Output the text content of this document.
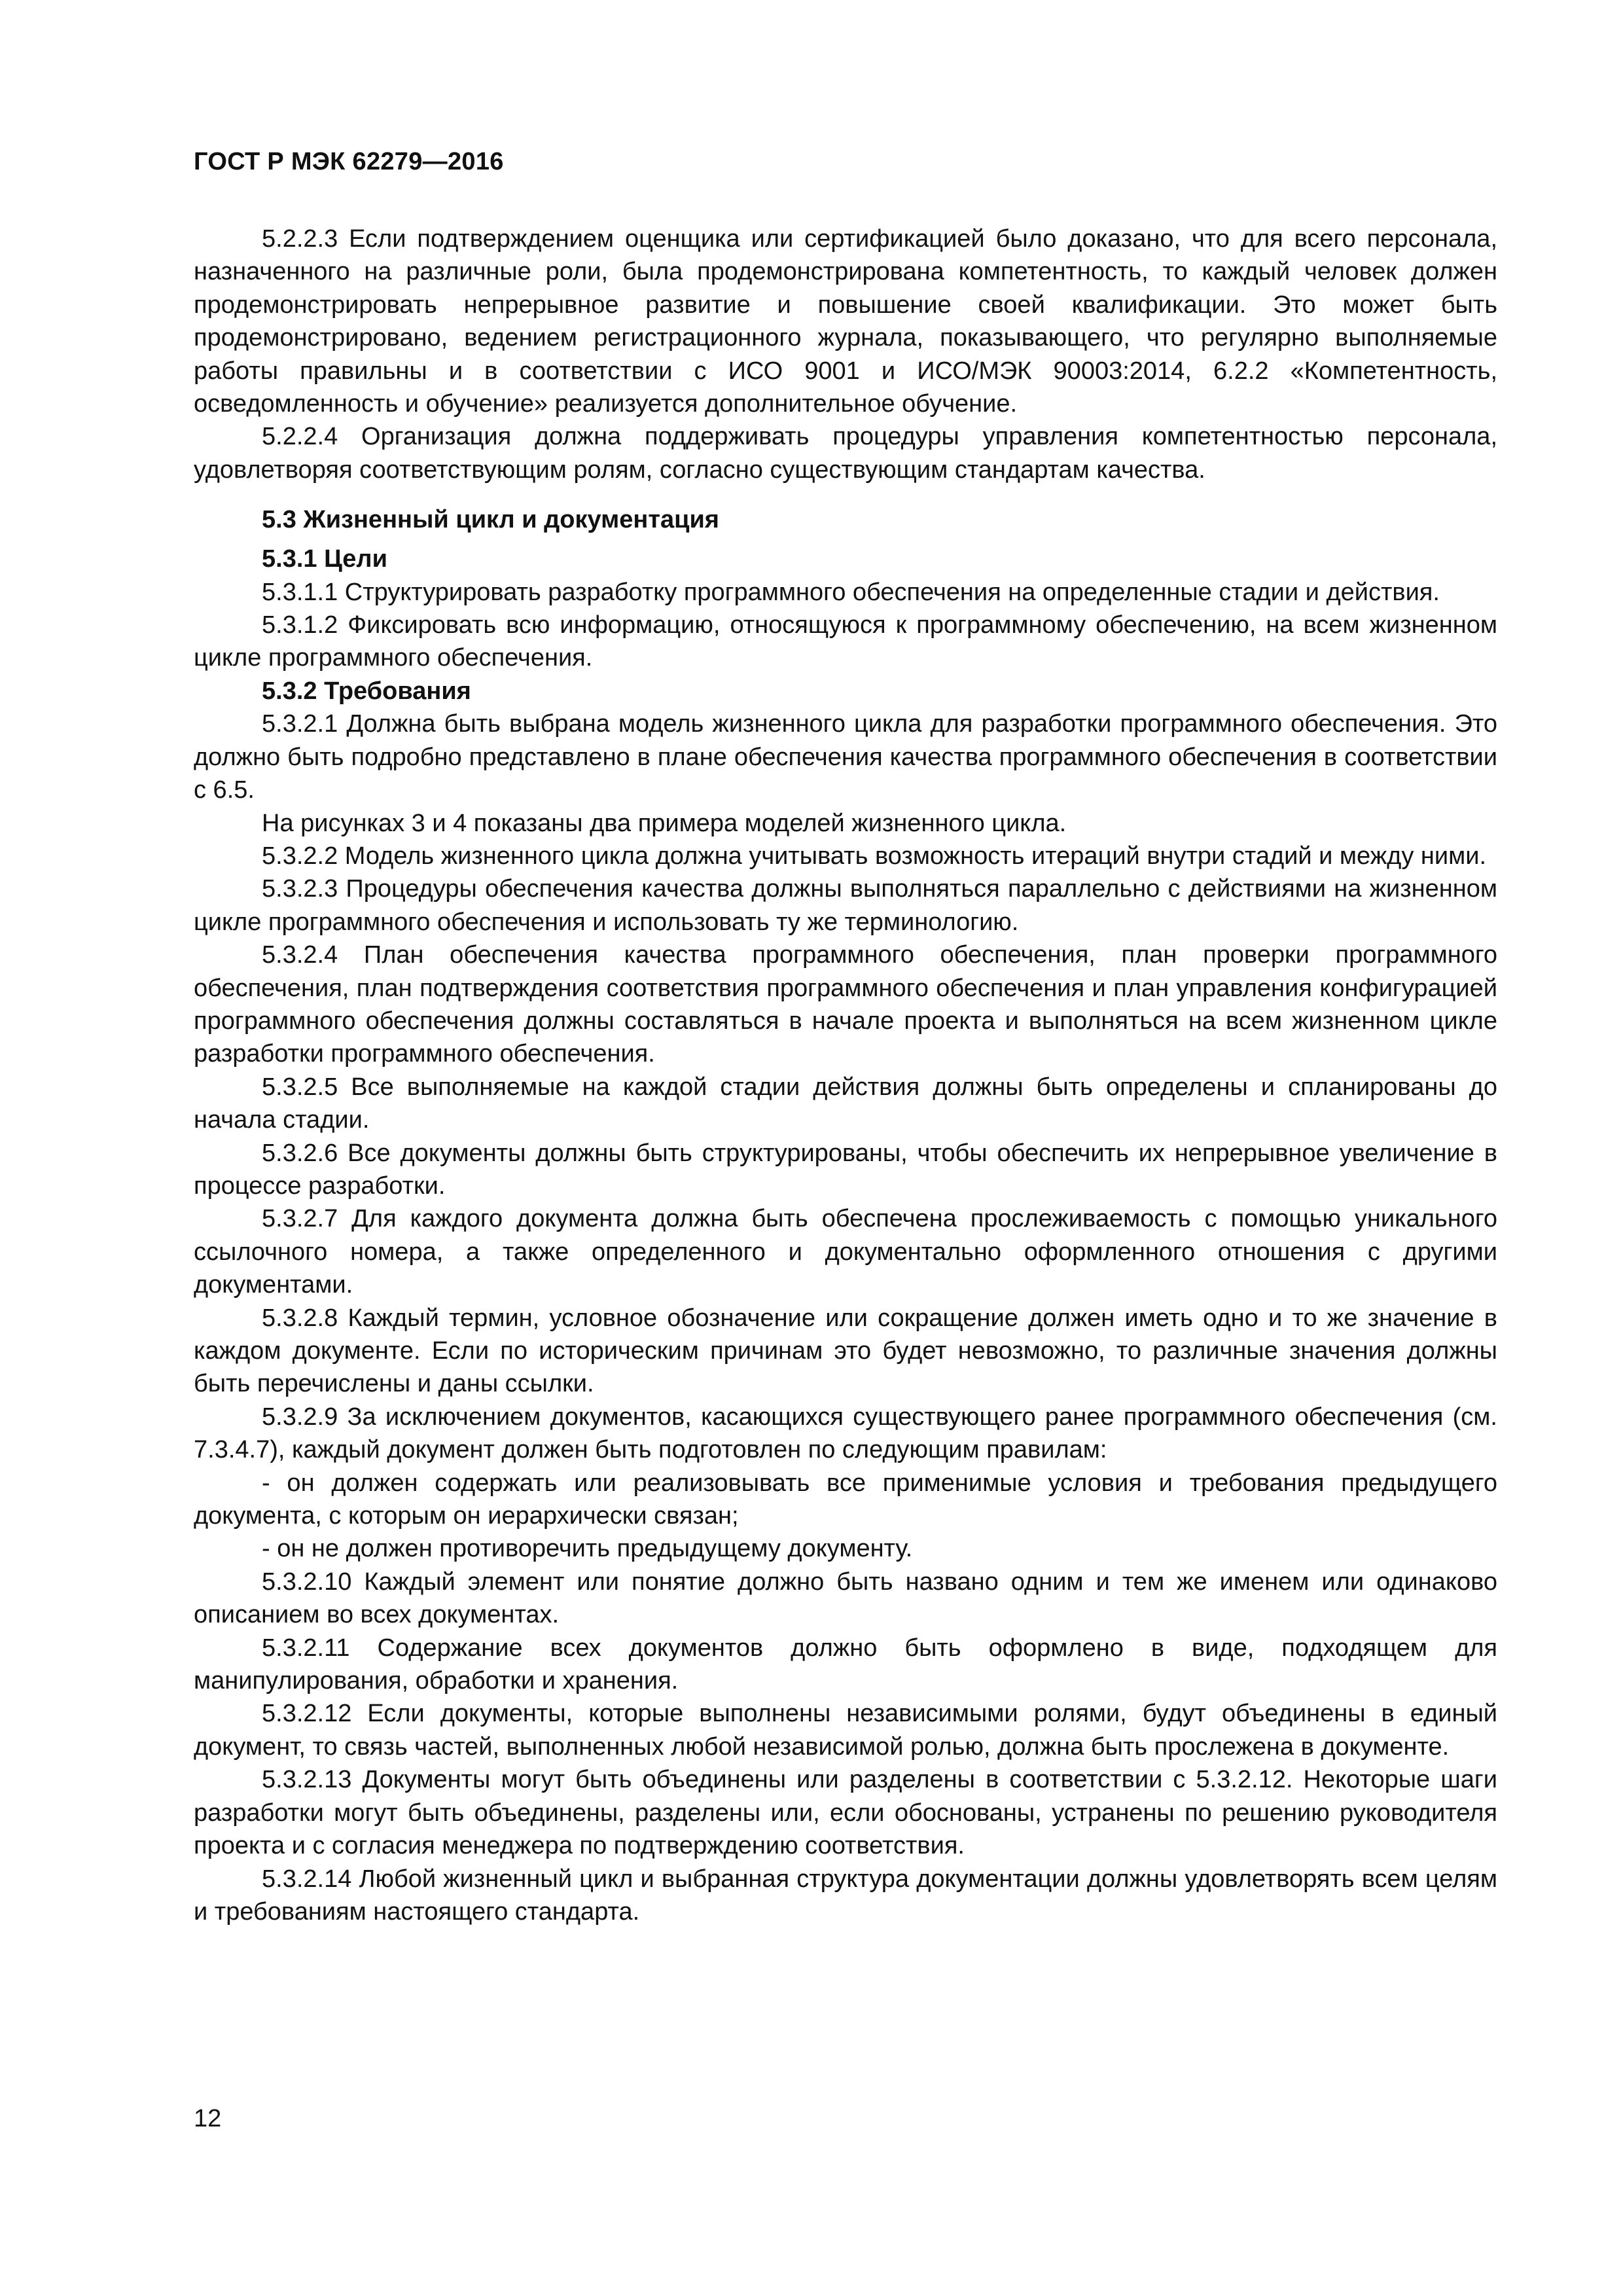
ГОСТ Р МЭК 62279—2016

5.2.2.3 Если подтверждением оценщика или сертификацией было доказано, что для всего персонала, назначенного на различные роли, была продемонстрирована компетентность, то каждый человек должен продемонстрировать непрерывное развитие и повышение своей квалификации. Это может быть продемонстрировано, ведением регистрационного журнала, показывающего, что регулярно выполняемые работы правильны и в соответствии с ИСО 9001 и ИСО/МЭК 90003:2014, 6.2.2 «Компетентность, осведомленность и обучение» реализуется дополнительное обучение.

5.2.2.4 Организация должна поддерживать процедуры управления компетентностью персонала, удовлетворяя соответствующим ролям, согласно существующим стандартам качества.

5.3 Жизненный цикл и документация
5.3.1 Цели

5.3.1.1 Структурировать разработку программного обеспечения на определенные стадии и действия.

5.3.1.2 Фиксировать всю информацию, относящуюся к программному обеспечению, на всем жизненном цикле программного обеспечения.

5.3.2 Требования

5.3.2.1 Должна быть выбрана модель жизненного цикла для разработки программного обеспечения. Это должно быть подробно представлено в плане обеспечения качества программного обеспечения в соответствии с 6.5.

На рисунках 3 и 4 показаны два примера моделей жизненного цикла.

5.3.2.2 Модель жизненного цикла должна учитывать возможность итераций внутри стадий и между ними.

5.3.2.3 Процедуры обеспечения качества должны выполняться параллельно с действиями на жизненном цикле программного обеспечения и использовать ту же терминологию.

5.3.2.4 План обеспечения качества программного обеспечения, план проверки программного обеспечения, план подтверждения соответствия программного обеспечения и план управления конфигурацией программного обеспечения должны составляться в начале проекта и выполняться на всем жизненном цикле разработки программного обеспечения.

5.3.2.5 Все выполняемые на каждой стадии действия должны быть определены и спланированы до начала стадии.

5.3.2.6 Все документы должны быть структурированы, чтобы обеспечить их непрерывное увеличение в процессе разработки.

5.3.2.7 Для каждого документа должна быть обеспечена прослеживаемость с помощью уникального ссылочного номера, а также определенного и документально оформленного отношения с другими документами.

5.3.2.8 Каждый термин, условное обозначение или сокращение должен иметь одно и то же значение в каждом документе. Если по историческим причинам это будет невозможно, то различные значения должны быть перечислены и даны ссылки.

5.3.2.9 За исключением документов, касающихся существующего ранее программного обеспечения (см. 7.3.4.7), каждый документ должен быть подготовлен по следующим правилам:

- он должен содержать или реализовывать все применимые условия и требования предыдущего документа, с которым он иерархически связан;

- он не должен противоречить предыдущему документу.

5.3.2.10 Каждый элемент или понятие должно быть названо одним и тем же именем или одинаково описанием во всех документах.

5.3.2.11 Содержание всех документов должно быть оформлено в виде, подходящем для манипулирования, обработки и хранения.

5.3.2.12 Если документы, которые выполнены независимыми ролями, будут объединены в единый документ, то связь частей, выполненных любой независимой ролью, должна быть прослежена в документе.

5.3.2.13 Документы могут быть объединены или разделены в соответствии с 5.3.2.12. Некоторые шаги разработки могут быть объединены, разделены или, если обоснованы, устранены по решению руководителя проекта и с согласия менеджера по подтверждению соответствия.

5.3.2.14 Любой жизненный цикл и выбранная структура документации должны удовлетворять всем целям и требованиям настоящего стандарта.

12
